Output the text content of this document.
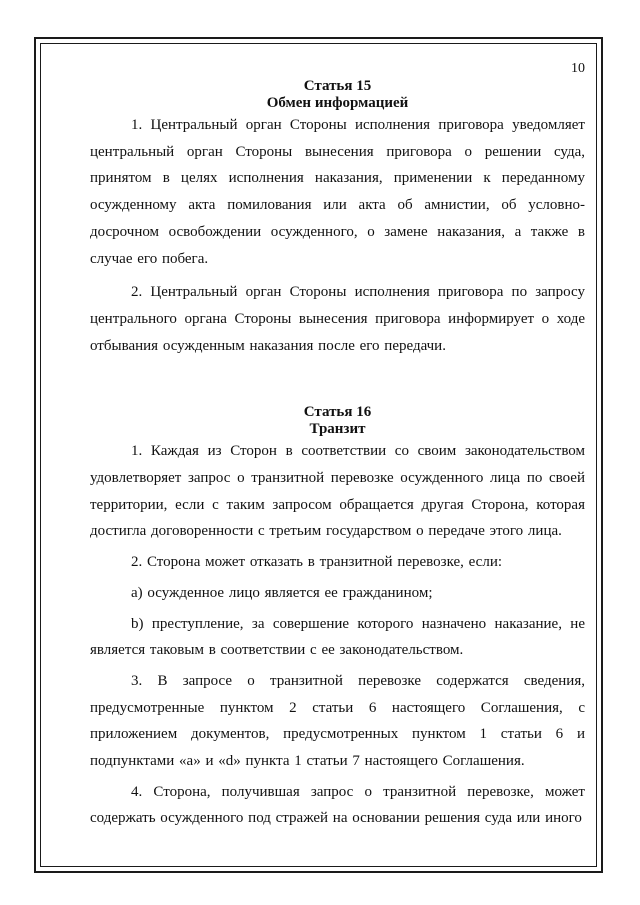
10
Статья 15
Обмен информацией

1. Центральный орган Стороны исполнения приговора уведомляет центральный орган Стороны вынесения приговора о решении суда, принятом в целях исполнения наказания, применении к переданному осужденному акта помилования или акта об амнистии, об условно-досрочном освобождении осужденного, о замене наказания, а также в случае его побега.

2. Центральный орган Стороны исполнения приговора по запросу центрального органа Стороны вынесения приговора информирует о ходе отбывания осужденным наказания после его передачи.

Статья 16
Транзит

1. Каждая из Сторон в соответствии со своим законодательством удовлетворяет запрос о транзитной перевозке осужденного лица по своей территории, если с таким запросом обращается другая Сторона, которая достигла договоренности с третьим государством о передаче этого лица.

2. Сторона может отказать в транзитной перевозке, если:

а) осужденное лицо является ее гражданином;

b) преступление, за совершение которого назначено наказание, не является таковым в соответствии с ее законодательством.

3. В запросе о транзитной перевозке содержатся сведения, предусмотренные пунктом 2 статьи 6 настоящего Соглашения, с приложением документов, предусмотренных пунктом 1 статьи 6 и подпунктами «а» и «d» пункта 1 статьи 7 настоящего Соглашения.

4. Сторона, получившая запрос о транзитной перевозке, может содержать осужденного под стражей на основании решения суда или иного
